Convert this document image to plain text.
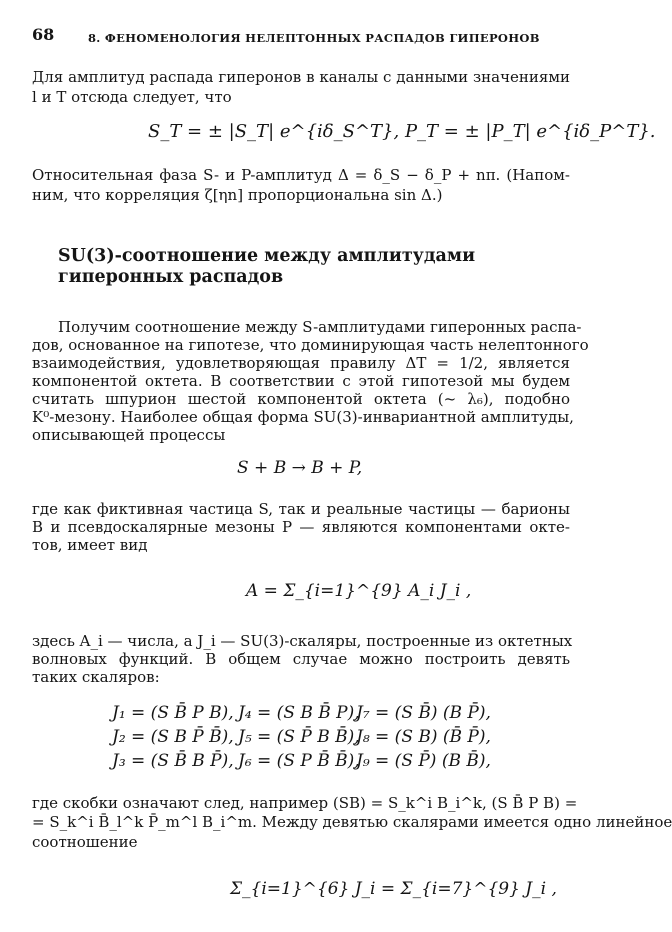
68	8. ФЕНОМЕНОЛОГИЯ НЕЛЕПТОННЫХ РАСПАДОВ ГИПЕРОНОВ
Для амплитуд распада гиперонов в каналы с данными значениями
l и T отсюда следует, что
S_T = ± |S_T| e^{iδ_S^T}, P_T = ± |P_T| e^{iδ_P^T}.
Относительная фаза S- и P-амплитуд Δ = δ_S − δ_P + nπ. (Напом-
ним, что корреляция ζ[ηn] пропорциональна sin Δ.)
SU(3)-соотношение между амплитудами
гиперонных распадов
Получим соотношение между S-амплитудами гиперонных распа-
дов, основанное на гипотезе, что доминирующая часть нелептонного
взаимодействия, удовлетворяющая правилу ΔT = 1/2, является
компонентой октета. В соответствии с этой гипотезой мы будем
считать шпурион шестой компонентой октета (~ λ₆), подобно
K⁰-мезону. Наиболее общая форма SU(3)-инвариантной амплитуды,
описывающей процессы
S + B → B + P,
где как фиктивная частица S, так и реальные частицы — барионы
B и псевдоскалярные мезоны P — являются компонентами окте-
тов, имеет вид
A = Σ_{i=1}^{9} A_i J_i ,
здесь A_i — числа, а J_i — SU(3)-скаляры, построенные из октетных
волновых функций. В общем случае можно построить девять
таких скаляров:
J₁ = (S B̄ P B), J₄ = (S B B̄ P),
J₇ = (S B̄) (B P̄),
J₂ = (S B P̄ B̄), J₅ = (S P̄ B B̄),
J₈ = (S B) (B̄ P̄),
J₃ = (S B̄ B P̄), J₆ = (S P B̄ B̄),
J₉ = (S P̄) (B B̄),
где скобки означают след, например (SB) = S_k^i B_i^k, (S B̄ P B) =
= S_k^i B̄_l^k P̄_m^l B_i^m. Между девятью скалярами имеется одно линейное
соотношение
Σ_{i=1}^{6} J_i = Σ_{i=7}^{9} J_i ,
